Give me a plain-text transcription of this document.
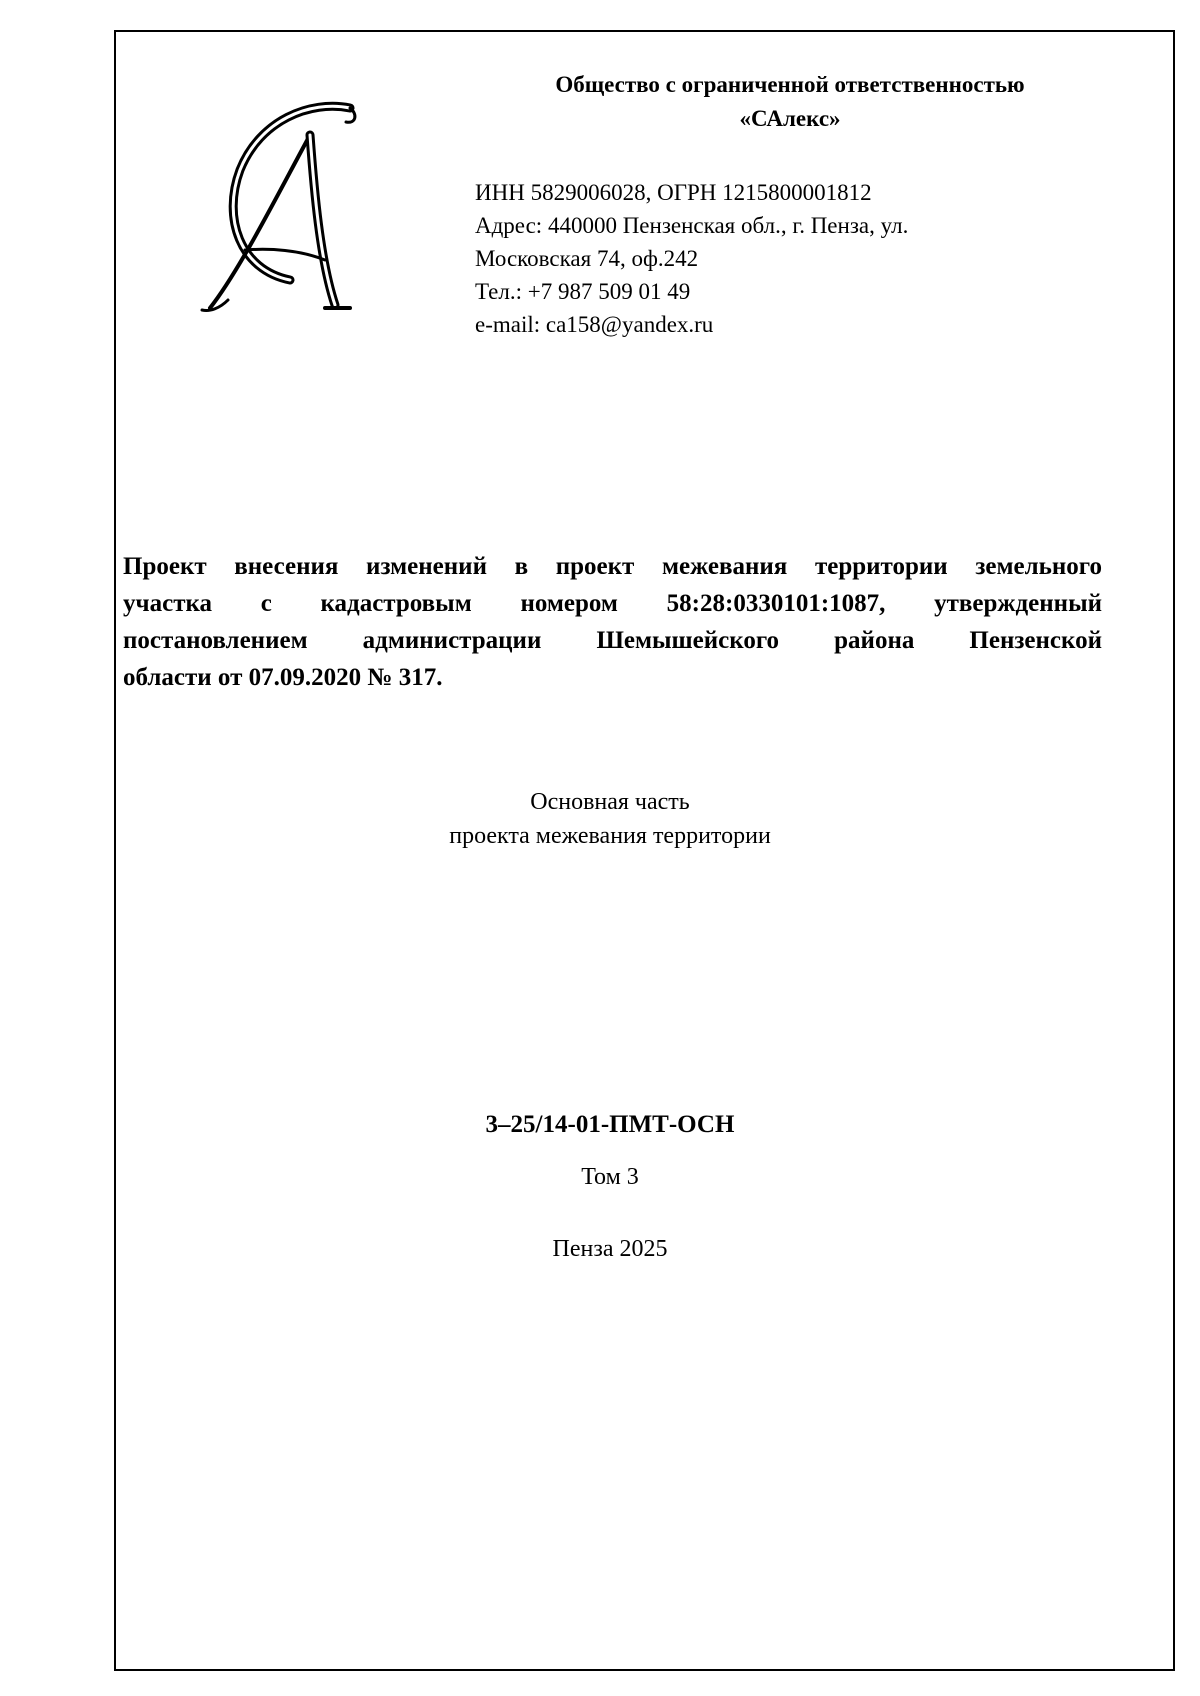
Общество с ограниченной ответственностью
«САлекс»
ИНН 5829006028, ОГРН 1215800001812
Адрес: 440000 Пензенская обл., г. Пенза, ул.
Московская 74, оф.242
Тел.: +7 987 509 01 49
e-mail: ca158@yandex.ru
Проект внесения изменений в проект межевания территории земельного
участка с кадастровым номером 58:28:0330101:1087, утвержденный
постановлением администрации Шемышейского района Пензенской
области от 07.09.2020 № 317.
Основная часть
проекта межевания территории
3–25/14-01-ПМТ-ОСН
Том 3
Пенза 2025
